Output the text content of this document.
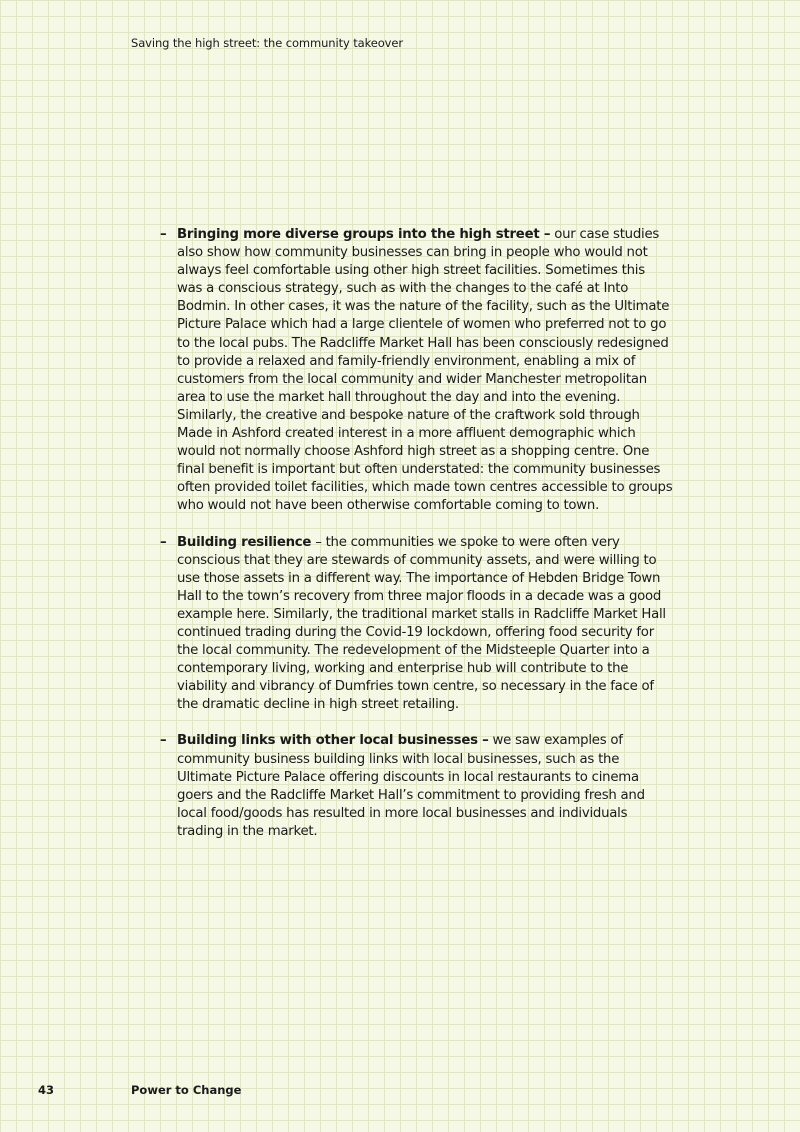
Saving the high street: the community takeover

– Bringing more diverse groups into the high street – our case studies also show how community businesses can bring in people who would not always feel comfortable using other high street facilities. Sometimes this was a conscious strategy, such as with the changes to the café at Into Bodmin. In other cases, it was the nature of the facility, such as the Ultimate Picture Palace which had a large clientele of women who preferred not to go to the local pubs. The Radcliffe Market Hall has been consciously redesigned to provide a relaxed and family-friendly environment, enabling a mix of customers from the local community and wider Manchester metropolitan area to use the market hall throughout the day and into the evening. Similarly, the creative and bespoke nature of the craftwork sold through Made in Ashford created interest in a more affluent demographic which would not normally choose Ashford high street as a shopping centre. One final benefit is important but often understated: the community businesses often provided toilet facilities, which made town centres accessible to groups who would not have been otherwise comfortable coming to town.

– Building resilience – the communities we spoke to were often very conscious that they are stewards of community assets, and were willing to use those assets in a different way. The importance of Hebden Bridge Town Hall to the town’s recovery from three major floods in a decade was a good example here. Similarly, the traditional market stalls in Radcliffe Market Hall continued trading during the Covid-19 lockdown, offering food security for the local community. The redevelopment of the Midsteeple Quarter into a contemporary living, working and enterprise hub will contribute to the viability and vibrancy of Dumfries town centre, so necessary in the face of the dramatic decline in high street retailing.

– Building links with other local businesses – we saw examples of community business building links with local businesses, such as the Ultimate Picture Palace offering discounts in local restaurants to cinema goers and the Radcliffe Market Hall’s commitment to providing fresh and local food/goods has resulted in more local businesses and individuals trading in the market.

43	Power to Change
